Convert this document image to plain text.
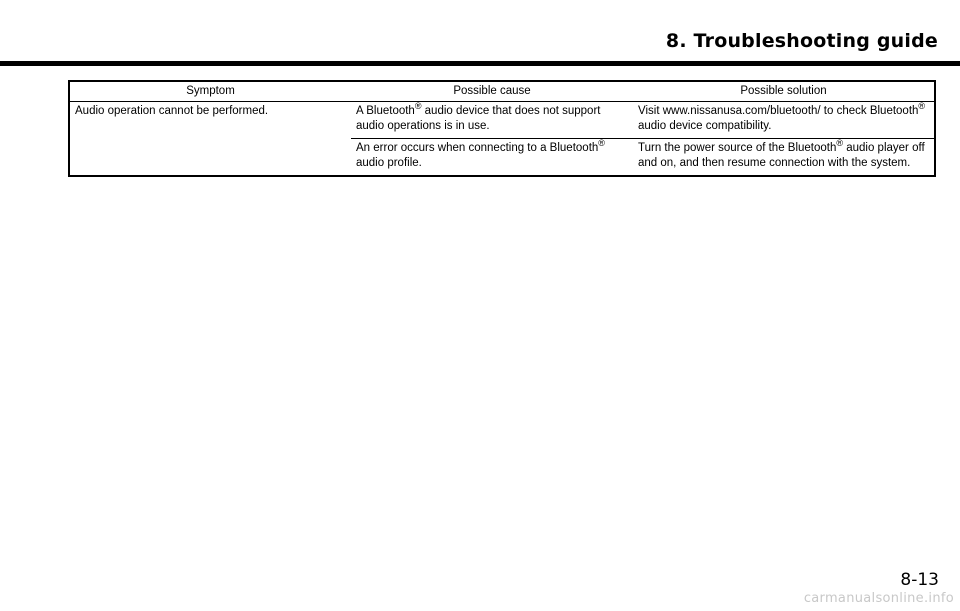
8. Troubleshooting guide
Symptom	Possible cause	Possible solution
Audio operation cannot be performed.	A Bluetooth® audio device that does not support audio operations is in use.	Visit www.nissanusa.com/bluetooth/ to check Bluetooth® audio device compatibility.
	An error occurs when connecting to a Bluetooth® audio profile.	Turn the power source of the Bluetooth® audio player off and on, and then resume connection with the system.
8-13
carmanualsonline.info
